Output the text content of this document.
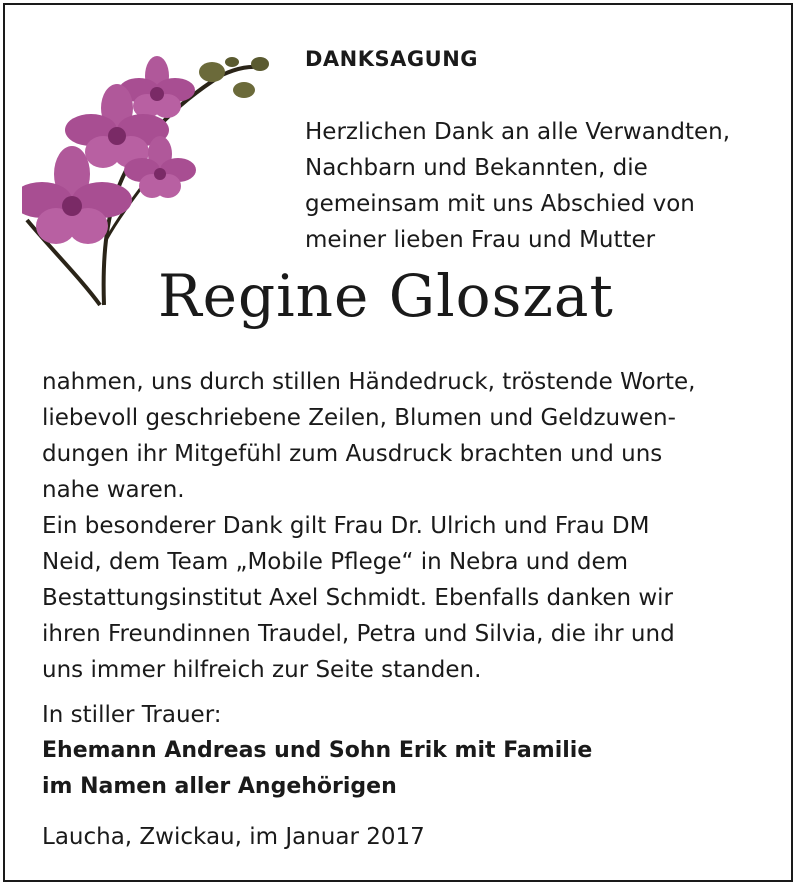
DANKSAGUNG
Herzlichen Dank an alle Verwandten,
Nachbarn und Bekannten, die
gemeinsam mit uns Abschied von
meiner lieben Frau und Mutter
Regine Gloszat
nahmen, uns durch stillen Händedruck, tröstende Worte,
liebevoll geschriebene Zeilen, Blumen und Geldzuwen-
dungen ihr Mitgefühl zum Ausdruck brachten und uns
nahe waren.
Ein besonderer Dank gilt Frau Dr. Ulrich und Frau DM
Neid, dem Team „Mobile Pflege“ in Nebra und dem
Bestattungsinstitut Axel Schmidt. Ebenfalls danken wir
ihren Freundinnen Traudel, Petra und Silvia, die ihr und
uns immer hilfreich zur Seite standen.
In stiller Trauer:
Ehemann Andreas und Sohn Erik mit Familie
im Namen aller Angehörigen
Laucha, Zwickau, im Januar 2017
